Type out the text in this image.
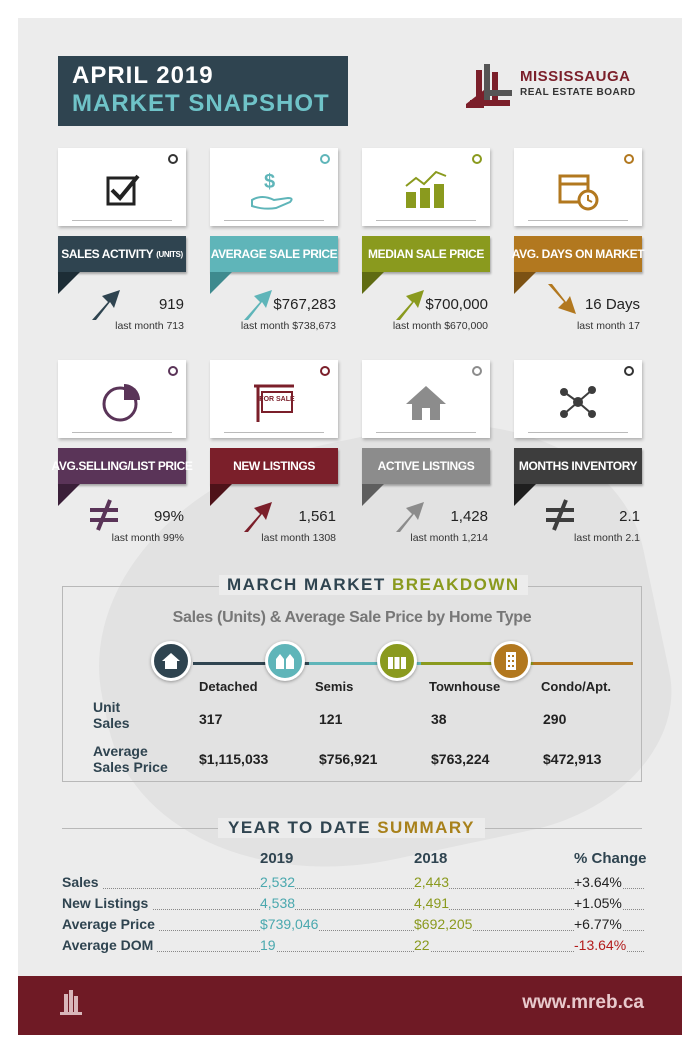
APRIL 2019
MARKET SNAPSHOT
MISSISSAUGA
REAL ESTATE BOARD
SALES ACTIVITY
(UNITS)
919
last month 713
$
AVERAGE SALE PRICE
$767,283
last month $738,673
MEDIAN SALE PRICE
$700,000
last month $670,000
AVG. DAYS ON MARKET
16 Days
last month 17
AVG.SELLING/LIST PRICE
99%
last month 99%
FOR SALE
NEW LISTINGS
1,561
last month 1308
ACTIVE LISTINGS
1,428
last month 1,214
MONTHS INVENTORY
2.1
last month 2.1
MARCH MARKET BREAKDOWN
Sales (Units) & Average Sale Price by Home Type
Detached	Semis	Townhouse	Condo/Apt.
Unit
Sales
Average
Sales Price
317	121	38	290
$1,115,033	$756,921	$763,224	$472,913
YEAR TO DATE SUMMARY
2019	2018	% Change
Sales	2,532	2,443	+3.64%
New Listings	4,538	4,491	+1.05%
Average Price	$739,046	$692,205	+6.77%
Average DOM	19	22	-13.64%
www.mreb.ca
